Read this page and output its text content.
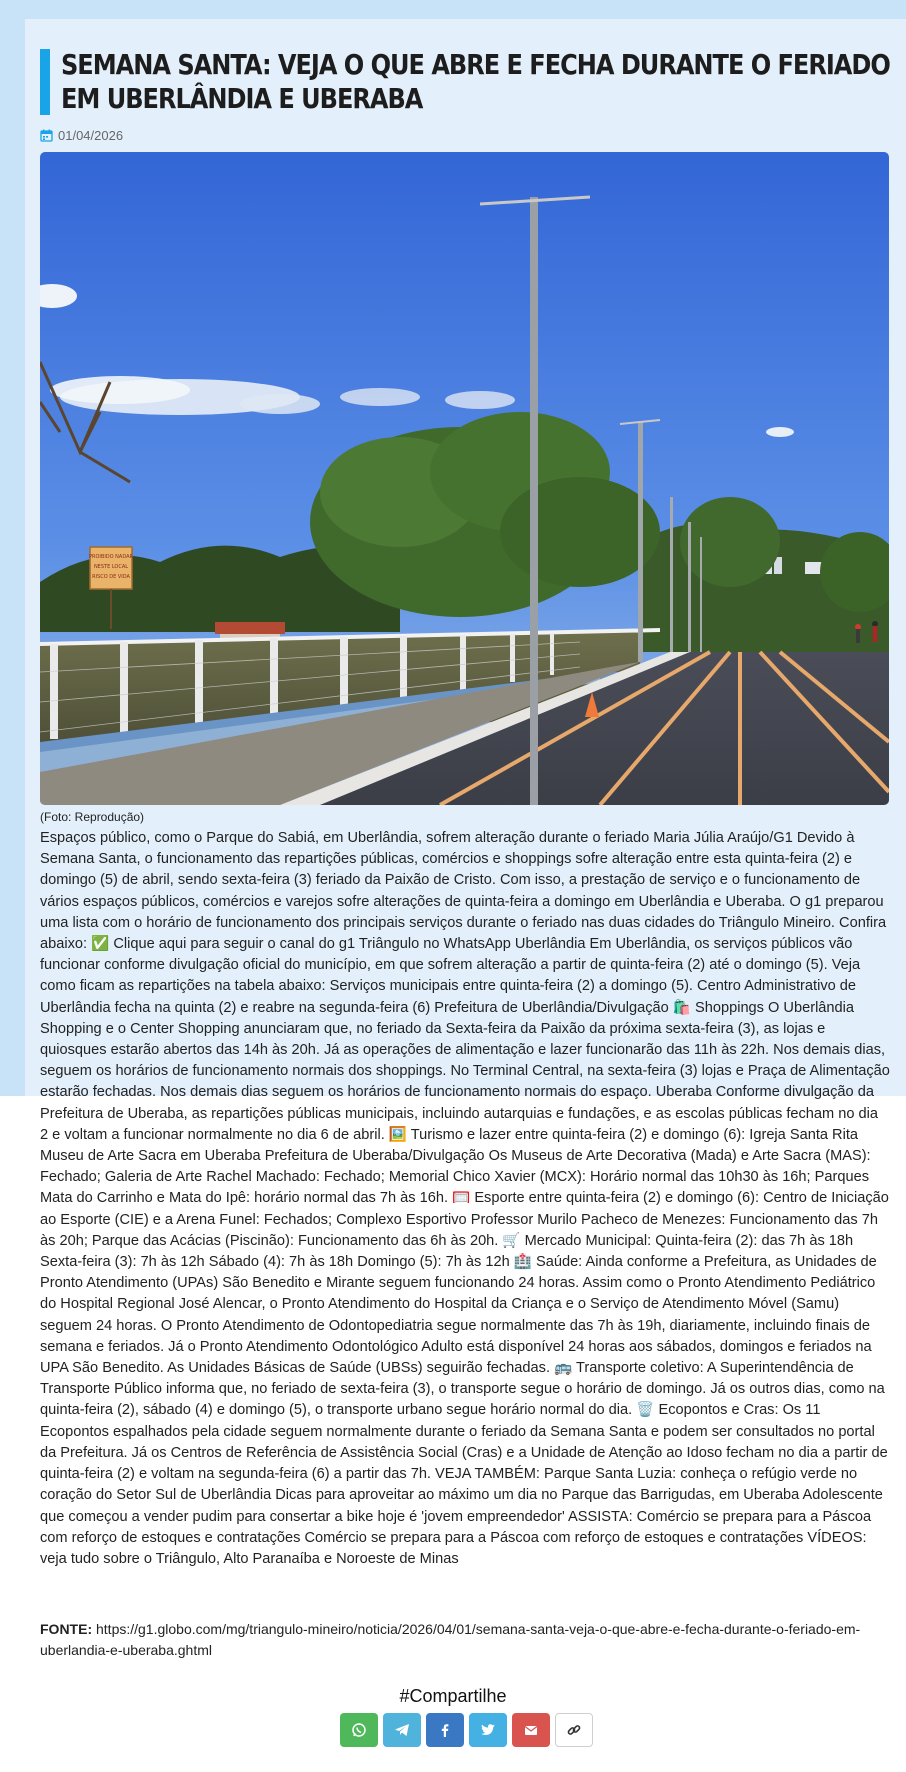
SEMANA SANTA: VEJA O QUE ABRE E FECHA DURANTE O FERIADO EM UBERLÂNDIA E UBERABA
01/04/2026
PROIBIDO NADAR
NESTE LOCAL
RISCO DE VIDA
(Foto: Reprodução)

Espaços público, como o Parque do Sabiá, em Uberlândia, sofrem alteração durante o feriado Maria Júlia Araújo/G1 Devido à Semana Santa, o funcionamento das repartições públicas, comércios e shoppings sofre alteração entre esta quinta-feira (2) e domingo (5) de abril, sendo sexta-feira (3) feriado da Paixão de Cristo. Com isso, a prestação de serviço e o funcionamento de vários espaços públicos, comércios e varejos sofre alterações de quinta-feira a domingo em Uberlândia e Uberaba. O g1 preparou uma lista com o horário de funcionamento dos principais serviços durante o feriado nas duas cidades do Triângulo Mineiro. Confira abaixo: ✅ Clique aqui para seguir o canal do g1 Triângulo no WhatsApp Uberlândia Em Uberlândia, os serviços públicos vão funcionar conforme divulgação oficial do município, em que sofrem alteração a partir de quinta-feira (2) até o domingo (5). Veja como ficam as repartições na tabela abaixo: Serviços municipais entre quinta-feira (2) a domingo (5). Centro Administrativo de Uberlândia fecha na quinta (2) e reabre na segunda-feira (6) Prefeitura de Uberlândia/Divulgação 🛍️ Shoppings O Uberlândia Shopping e o Center Shopping anunciaram que, no feriado da Sexta-feira da Paixão da próxima sexta-feira (3), as lojas e quiosques estarão abertos das 14h às 20h. Já as operações de alimentação e lazer funcionarão das 11h às 22h. Nos demais dias, seguem os horários de funcionamento normais dos shoppings. No Terminal Central, na sexta-feira (3) lojas e Praça de Alimentação estarão fechadas. Nos demais dias seguem os horários de funcionamento normais do espaço. Uberaba Conforme divulgação da Prefeitura de Uberaba, as repartições públicas municipais, incluindo autarquias e fundações, e as escolas públicas fecham no dia 2 e voltam a funcionar normalmente no dia 6 de abril. 🖼️ Turismo e lazer entre quinta-feira (2) e domingo (6): Igreja Santa Rita Museu de Arte Sacra em Uberaba Prefeitura de Uberaba/Divulgação Os Museus de Arte Decorativa (Mada) e Arte Sacra (MAS): Fechado; Galeria de Arte Rachel Machado: Fechado; Memorial Chico Xavier (MCX): Horário normal das 10h30 às 16h; Parques Mata do Carrinho e Mata do Ipê: horário normal das 7h às 16h. 🥅 Esporte entre quinta-feira (2) e domingo (6): Centro de Iniciação ao Esporte (CIE) e a Arena Funel: Fechados; Complexo Esportivo Professor Murilo Pacheco de Menezes: Funcionamento das 7h às 20h; Parque das Acácias (Piscinão): Funcionamento das 6h às 20h. 🛒 Mercado Municipal: Quinta-feira (2): das 7h às 18h Sexta-feira (3): 7h às 12h Sábado (4): 7h às 18h Domingo (5): 7h às 12h 🏥 Saúde: Ainda conforme a Prefeitura, as Unidades de Pronto Atendimento (UPAs) São Benedito e Mirante seguem funcionando 24 horas. Assim como o Pronto Atendimento Pediátrico do Hospital Regional José Alencar, o Pronto Atendimento do Hospital da Criança e o Serviço de Atendimento Móvel (Samu) seguem 24 horas. O Pronto Atendimento de Odontopediatria segue normalmente das 7h às 19h, diariamente, incluindo finais de semana e feriados. Já o Pronto Atendimento Odontológico Adulto está disponível 24 horas aos sábados, domingos e feriados na UPA São Benedito. As Unidades Básicas de Saúde (UBSs) seguirão fechadas. 🚌 Transporte coletivo: A Superintendência de Transporte Público informa que, no feriado de sexta-feira (3), o transporte segue o horário de domingo. Já os outros dias, como na quinta-feira (2), sábado (4) e domingo (5), o transporte urbano segue horário normal do dia. 🗑️ Ecopontos e Cras: Os 11 Ecopontos espalhados pela cidade seguem normalmente durante o feriado da Semana Santa e podem ser consultados no portal da Prefeitura. Já os Centros de Referência de Assistência Social (Cras) e a Unidade de Atenção ao Idoso fecham no dia a partir de quinta-feira (2) e voltam na segunda-feira (6) a partir das 7h. VEJA TAMBÉM: Parque Santa Luzia: conheça o refúgio verde no coração do Setor Sul de Uberlândia Dicas para aproveitar ao máximo um dia no Parque das Barrigudas, em Uberaba Adolescente que começou a vender pudim para consertar a bike hoje é 'jovem empreendedor' ASSISTA: Comércio se prepara para a Páscoa com reforço de estoques e contratações Comércio se prepara para a Páscoa com reforço de estoques e contratações VÍDEOS: veja tudo sobre o Triângulo, Alto Paranaíba e Noroeste de Minas

FONTE: https://g1.globo.com/mg/triangulo-mineiro/noticia/2026/04/01/semana-santa-veja-o-que-abre-e-fecha-durante-o-feriado-em-uberlandia-e-uberaba.ghtml

#Compartilhe
